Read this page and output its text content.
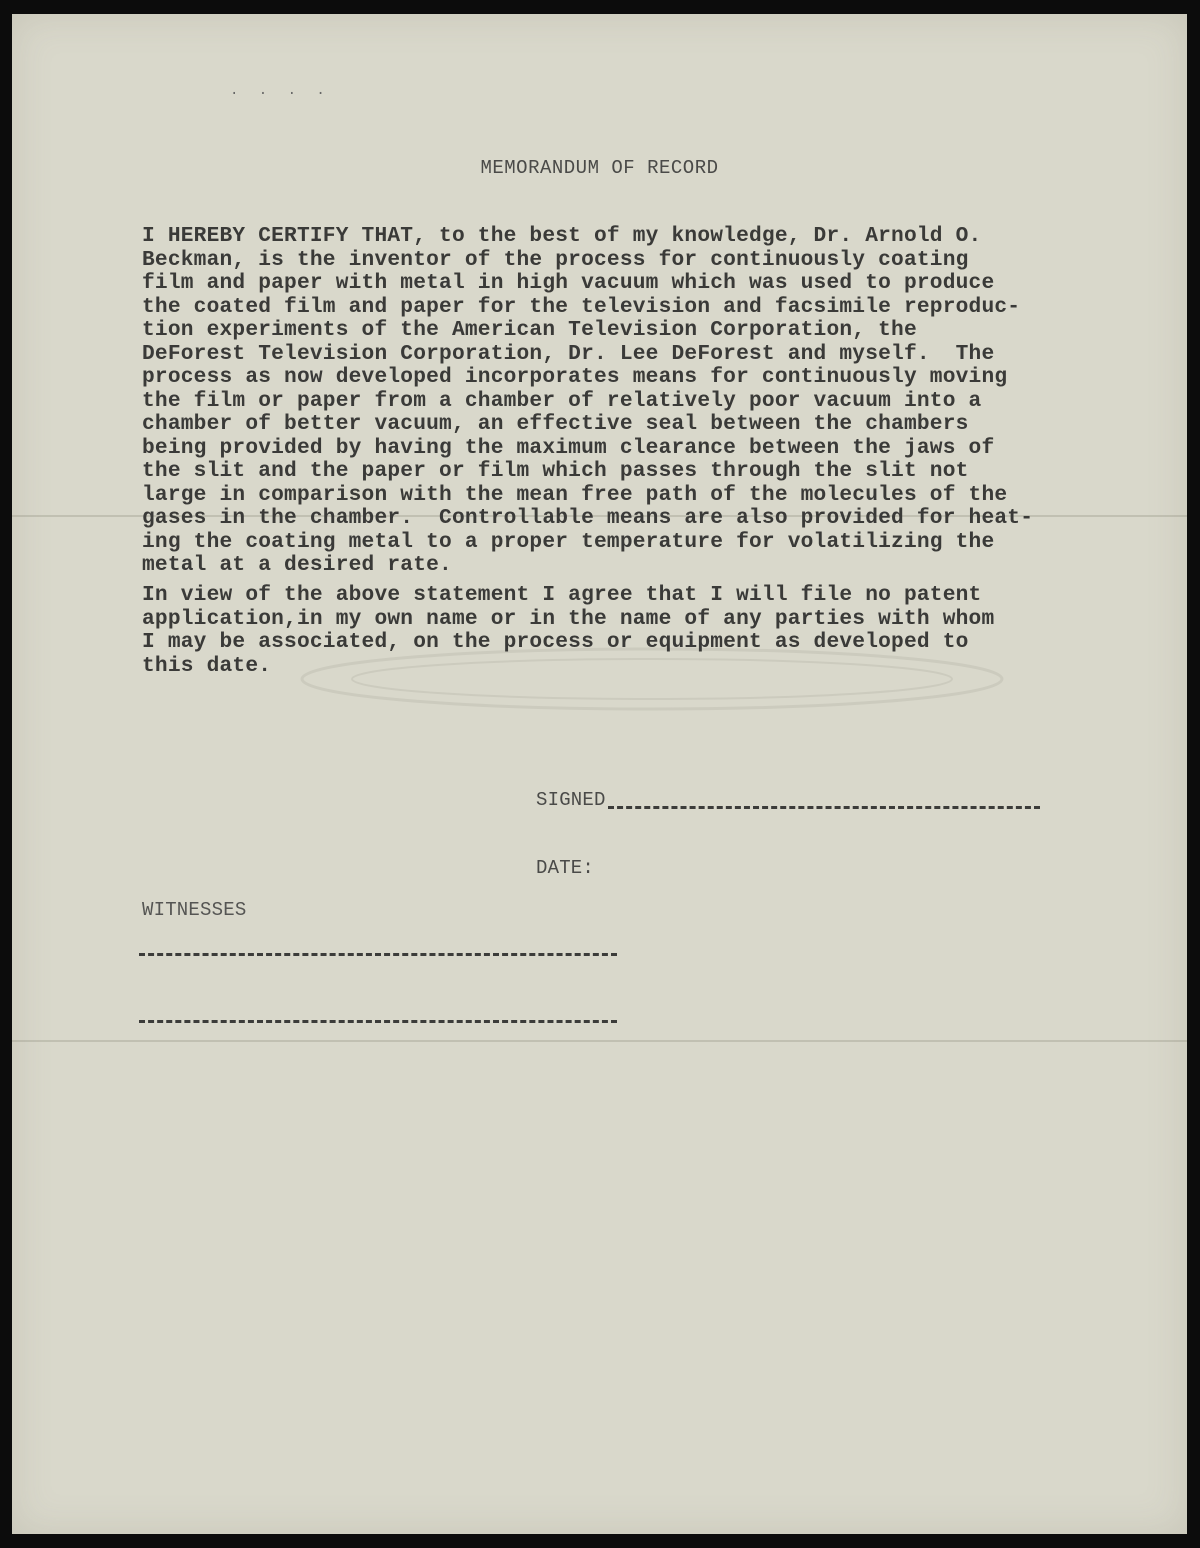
· · · ·
MEMORANDUM OF RECORD
I HEREBY CERTIFY THAT, to the best of my knowledge, Dr. Arnold O.
Beckman, is the inventor of the process for continuously coating
film and paper with metal in high vacuum which was used to produce
the coated film and paper for the television and facsimile reproduc-
tion experiments of the American Television Corporation, the
DeForest Television Corporation, Dr. Lee DeForest and myself.  The
process as now developed incorporates means for continuously moving
the film or paper from a chamber of relatively poor vacuum into a
chamber of better vacuum, an effective seal between the chambers
being provided by having the maximum clearance between the jaws of
the slit and the paper or film which passes through the slit not
large in comparison with the mean free path of the molecules of the
gases in the chamber.  Controllable means are also provided for heat-
ing the coating metal to a proper temperature for volatilizing the
metal at a desired rate.
In view of the above statement I agree that I will file no patent
application,in my own name or in the name of any parties with whom
I may be associated, on the process or equipment as developed to
this date.
SIGNED
DATE:
WITNESSES
